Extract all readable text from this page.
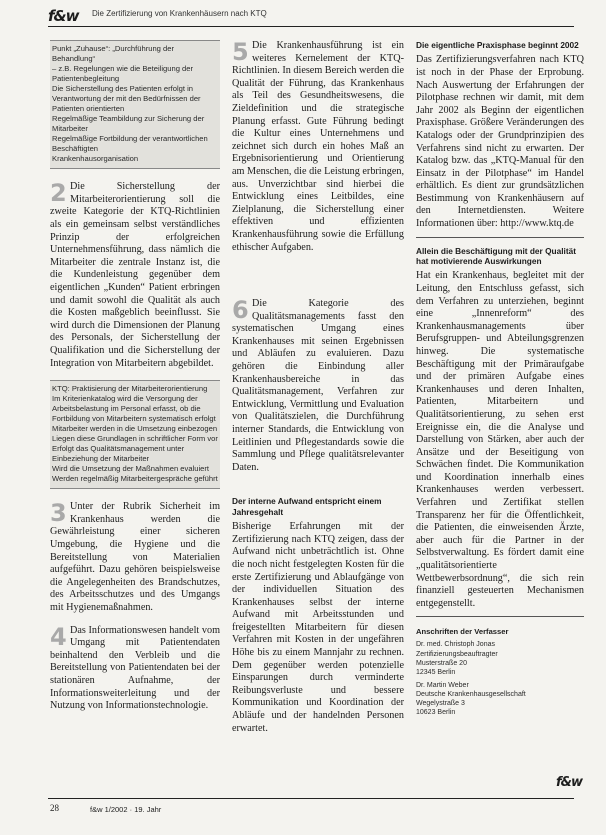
f&w Die Zertifizierung von Krankenhäusern nach KTQ
Punkt „Zuhause“: „Durchführung der Behandlung“
– z.B. Regelungen wie die Beteiligung der Patientenbegleitung
Die Sicherstellung des Patienten erfolgt in Verantwortung der mit den Bedürfnissen der Patienten orientierten
Regelmäßige Teambildung zur Sicherung der Mitarbeiter
Regelmäßige Fortbildung der verantwortlichen Beschäftigten
Krankenhausorganisation
2 Die Sicherstellung der Mitarbeiterorientierung soll die zweite Kategorie der KTQ-Richtlinien als ein gemeinsam selbst verständliches Prinzip der erfolgreichen Unternehmensführung, dass nämlich die Mitarbeiter die zentrale Instanz ist, die die Kundenleistung gegenüber dem eigentlichen „Kunden“ Patient erbringen und damit sowohl die Qualität als auch die Kosten maßgeblich beeinflusst. Sie wird durch die Dimensionen der Planung des Personals, der Sicherstellung der Qualifikation und die Sicherstellung der Integration von Mitarbeitern abgebildet.
KTQ: Praktisierung der Mitarbeiterorientierung
Im Kriterienkatalog wird die Versorgung der Arbeitsbelastung im Personal erfasst, ob die Fortbildung von Mitarbeitern systematisch erfolgt
Mitarbeiter werden in die Umsetzung einbezogen
Liegen diese Grundlagen in schriftlicher Form vor
Erfolgt das Qualitätsmanagement unter Einbeziehung der Mitarbeiter
Wird die Umsetzung der Maßnahmen evaluiert
Werden regelmäßig Mitarbeitergespräche geführt
3 Unter der Rubrik Sicherheit im Krankenhaus werden die Gewährleistung einer sicheren Umgebung, die Hygiene und die Bereitstellung von Materialien aufgeführt. Dazu gehören beispielsweise die Angelegenheiten des Brandschutzes, des Arbeitsschutzes und des Umgangs mit Hygienemaßnahmen.
4 Das Informationswesen handelt vom Umgang mit Patientendaten beinhaltend den Verbleib und die Bereitstellung von Patientendaten bei der stationären Aufnahme, der Informationsweiterleitung und der Nutzung von Informationstechnologie.
5 Die Krankenhausführung ist ein weiteres Kernelement der KTQ-Richtlinien. In diesem Bereich werden die Qualität der Führung, das Krankenhaus als Teil des Gesundheitswesens, die Zieldefinition und die strategische Planung erfasst. Gute Führung bedingt die Kultur eines Unternehmens und zeichnet sich durch ein hohes Maß an Ergebnisorientierung und Orientierung am Menschen, die die Leistung erbringen, aus. Unverzichtbar sind hierbei die Entwicklung eines Leitbildes, eine Zielplanung, die Sicherstellung einer effektiven und effizienten Krankenhausführung sowie die Erfüllung ethischer Aufgaben.
6 Die Kategorie des Qualitätsmanagements fasst den systematischen Umgang eines Krankenhauses mit seinen Ergebnissen und Abläufen zu evaluieren. Dazu gehören die Einbindung aller Krankenhausbereiche in das Qualitätsmanagement, Verfahren zur Entwicklung, Vermittlung und Evaluation von Qualitätszielen, die Durchführung interner Standards, die Entwicklung von Leitlinien und Pflegestandards sowie die Sammlung und Pflege qualitätsrelevanter Daten.
Der interne Aufwand entspricht einem Jahresgehalt
Bisherige Erfahrungen mit der Zertifizierung nach KTQ zeigen, dass der Aufwand nicht unbeträchtlich ist. Ohne die noch nicht festgelegten Kosten für die erste Zertifizierung und Ablaufgänge von der individuellen Situation des Krankenhauses selbst der interne Aufwand mit Arbeitsstunden und freigestellten Mitarbeitern für diesen Verfahren mit Kosten in der ungefähren Höhe bis zu einem Mannjahr zu rechnen. Dem gegenüber werden potenzielle Einsparungen durch verminderte Reibungsverluste und bessere Kommunikation und Koordination der Abläufe und der handelnden Personen erwartet.
Die eigentliche Praxisphase beginnt 2002
Das Zertifizierungsverfahren nach KTQ ist noch in der Phase der Erprobung. Nach Auswertung der Erfahrungen der Pilotphase rechnen wir damit, mit dem Jahr 2002 als Beginn der eigentlichen Praxisphase. Größere Veränderungen des Katalogs oder der Grundprinzipien des Verfahrens sind nicht zu erwarten. Der Katalog bzw. das „KTQ-Manual für den Einsatz in der Pilotphase“ im Handel erhältlich. Es dient zur grundsätzlichen Bestimmung von Krankenhäusern auf den Internetdiensten. Weitere Informationen über: http://www.ktq.de
Allein die Beschäftigung mit der Qualität hat motivierende Auswirkungen
Hat ein Krankenhaus, begleitet mit der Leitung, den Entschluss gefasst, sich dem Verfahren zu unterziehen, beginnt eine „Innenreform“ des Krankenhausmanagements über Berufsgruppen- und Abteilungsgrenzen hinweg. Die systematische Beschäftigung mit der Primäraufgabe und der primären Aufgabe eines Krankenhauses und deren Inhalten, Patienten, Mitarbeitern und Qualitätsorientierung, zu sehen erst Ereignisse ein, die die Analyse und Darstellung von Stärken, aber auch der Ansätze und der Beseitigung von Schwächen findet. Die Kommunikation und Koordination innerhalb eines Krankenhauses werden verbessert. Verfahren und Zertifikat stellen Transparenz her für die Öffentlichkeit, die Patienten, die einweisenden Ärzte, aber auch für die Partner in der Selbstverwaltung. Es fördert damit eine „qualitätsorientierte Wettbewerbsordnung“, die sich rein finanziell gesteuerten Mechanismen entgegenstellt.
Anschriften der Verfasser
Dr. med. Christoph Jonas
Zertifizierungsbeauftragter
Musterstraße 20
12345 Berlin
Dr. Martin Weber
Deutsche Krankenhausgesellschaft
Wegelystraße 3
10623 Berlin
f&w
28	f&w 1/2002 · 19. Jahr
